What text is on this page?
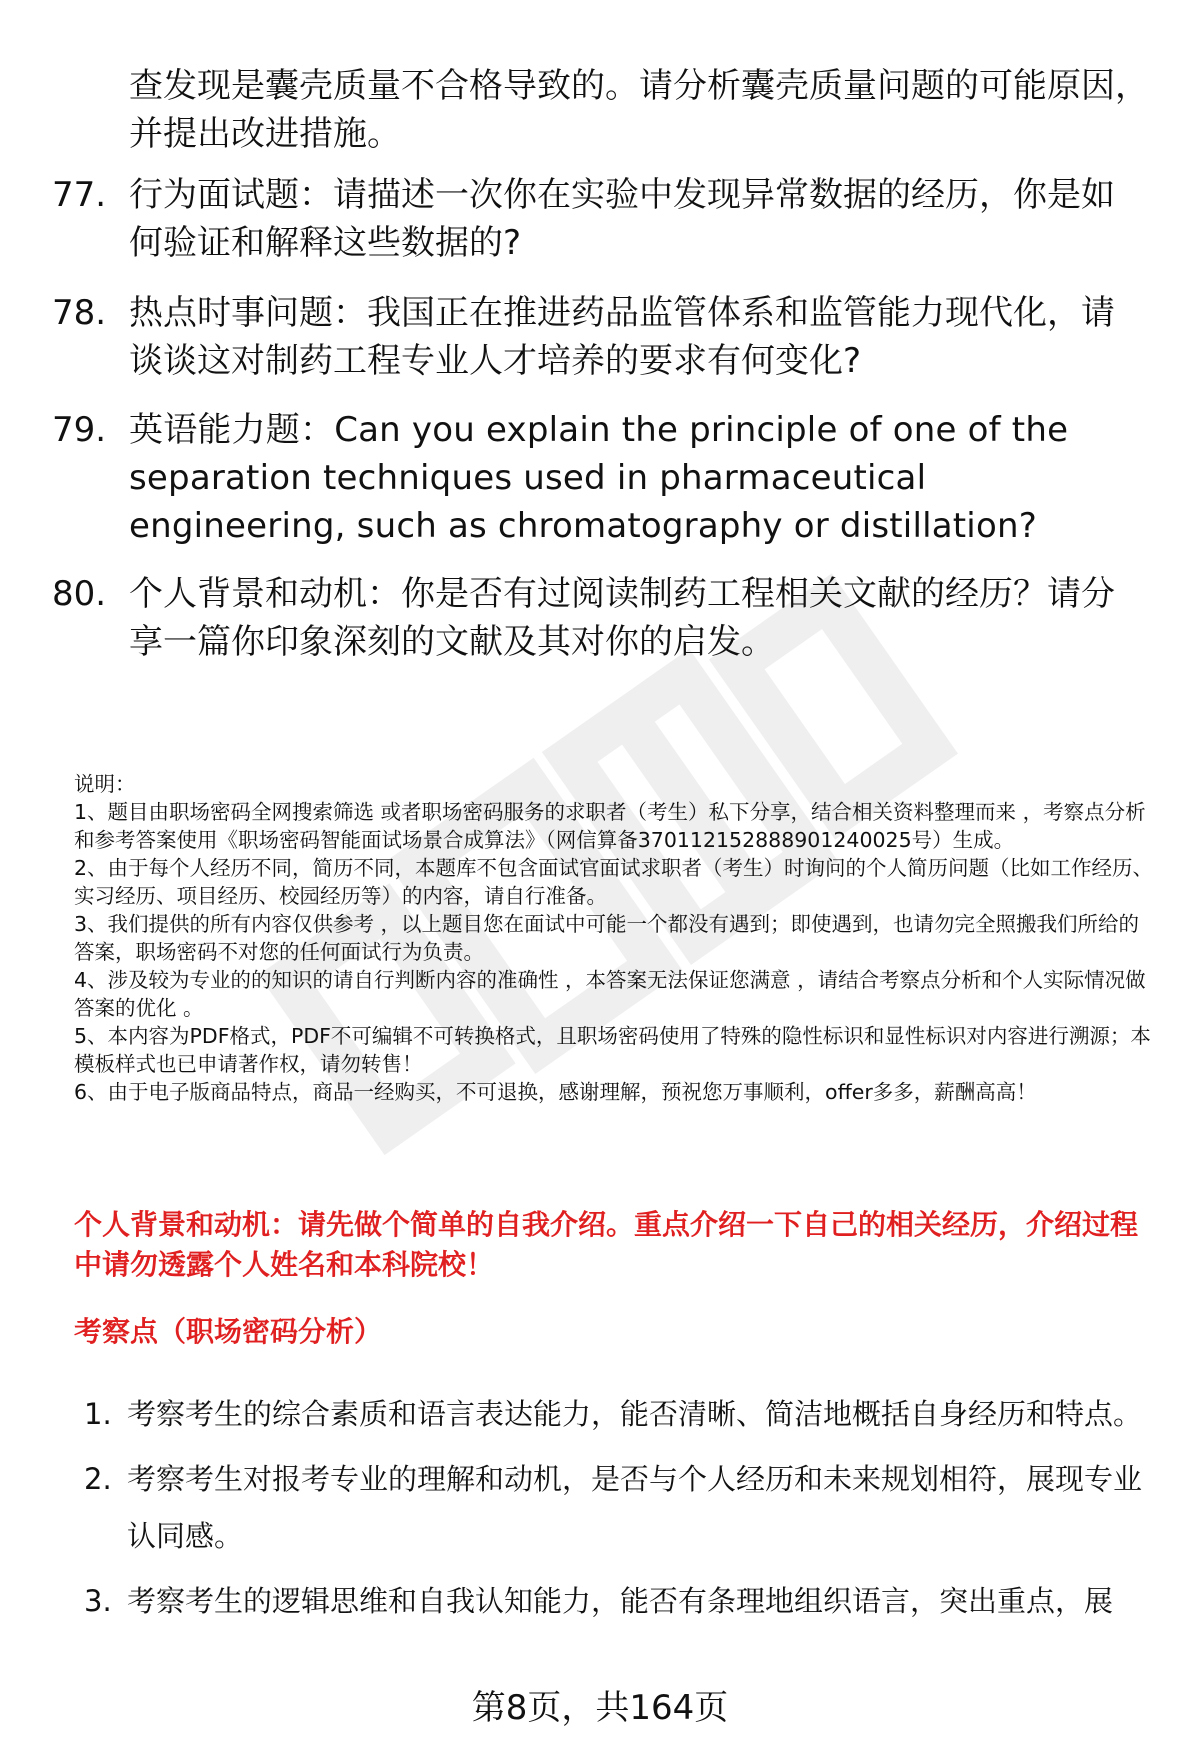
查发现是囊壳质量不合格导致的。请分析囊壳质量问题的可能原因，并提出改进措施。

77. 行为面试题：请描述一次你在实验中发现异常数据的经历，你是如何验证和解释这些数据的?
78. 热点时事问题：我国正在推进药品监管体系和监管能力现代化，请谈谈这对制药工程专业人才培养的要求有何变化?
79. 英语能力题：Can you explain the principle of one of the separation techniques used in pharmaceutical engineering, such as chromatography or distillation?
80. 个人背景和动机：你是否有过阅读制药工程相关文献的经历？请分享一篇你印象深刻的文献及其对你的启发。

说明：

1、题目由职场密码全网搜索筛选 或者职场密码服务的求职者（考生）私下分享，结合相关资料整理而来 ，考察点分析和参考答案使用《职场密码智能面试场景合成算法》（网信算备370112152888901240025号）生成。

2、由于每个人经历不同，简历不同，本题库不包含面试官面试求职者（考生）时询问的个人简历问题（比如工作经历、实习经历、项目经历、校园经历等）的内容，请自行准备。

3、我们提供的所有内容仅供参考 ，以上题目您在面试中可能一个都没有遇到；即使遇到，也请勿完全照搬我们所给的答案，职场密码不对您的任何面试行为负责。

4、涉及较为专业的的知识的请自行判断内容的准确性 ，本答案无法保证您满意 ，请结合考察点分析和个人实际情况做答案的优化 。

5、本内容为PDF格式，PDF不可编辑不可转换格式，且职场密码使用了特殊的隐性标识和显性标识对内容进行溯源；本模板样式也已申请著作权，请勿转售！

6、由于电子版商品特点，商品一经购买，不可退换，感谢理解，预祝您万事顺利，offer多多，薪酬高高！

个人背景和动机：请先做个简单的自我介绍。重点介绍一下自己的相关经历，介绍过程中请勿透露个人姓名和本科院校！

考察点（职场密码分析）

1. 考察考生的综合素质和语言表达能力，能否清晰、简洁地概括自身经历和特点。
2. 考察考生对报考专业的理解和动机，是否与个人经历和未来规划相符，展现专业认同感。
3. 考察考生的逻辑思维和自我认知能力，能否有条理地组织语言，突出重点，展
第8页，共164页
